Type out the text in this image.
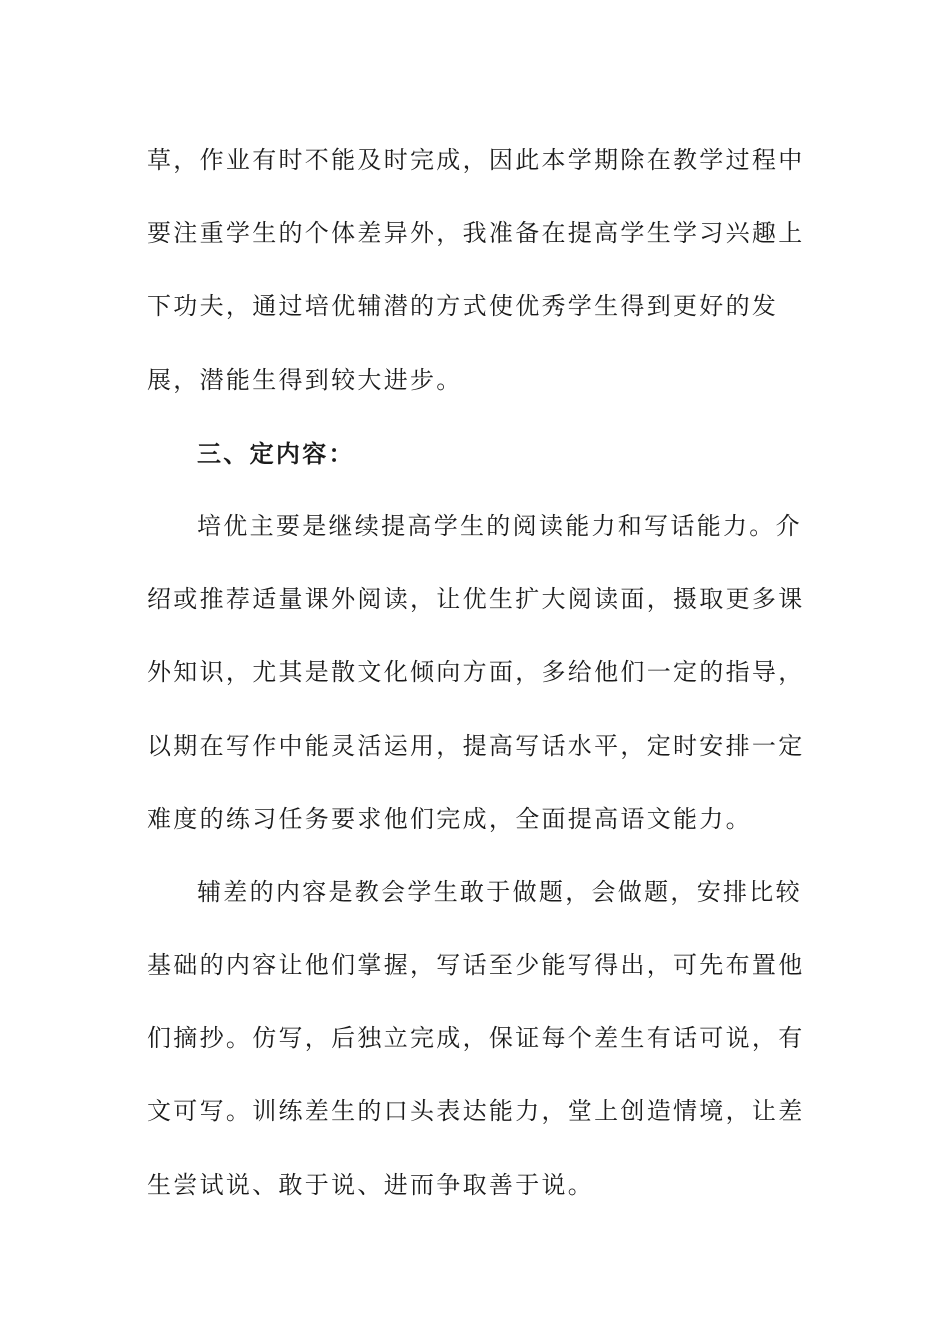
草，作业有时不能及时完成，因此本学期除在教学过程中
要注重学生的个体差异外，我准备在提高学生学习兴趣上
下功夫，通过培优辅潜的方式使优秀学生得到更好的发
展，潜能生得到较大进步。
三、定内容：
培优主要是继续提高学生的阅读能力和写话能力。介
绍或推荐适量课外阅读，让优生扩大阅读面，摄取更多课
外知识，尤其是散文化倾向方面，多给他们一定的指导，
以期在写作中能灵活运用，提高写话水平，定时安排一定
难度的练习任务要求他们完成，全面提高语文能力。
辅差的内容是教会学生敢于做题，会做题，安排比较
基础的内容让他们掌握，写话至少能写得出，可先布置他
们摘抄。仿写，后独立完成，保证每个差生有话可说，有
文可写。训练差生的口头表达能力，堂上创造情境，让差
生尝试说、敢于说、进而争取善于说。
